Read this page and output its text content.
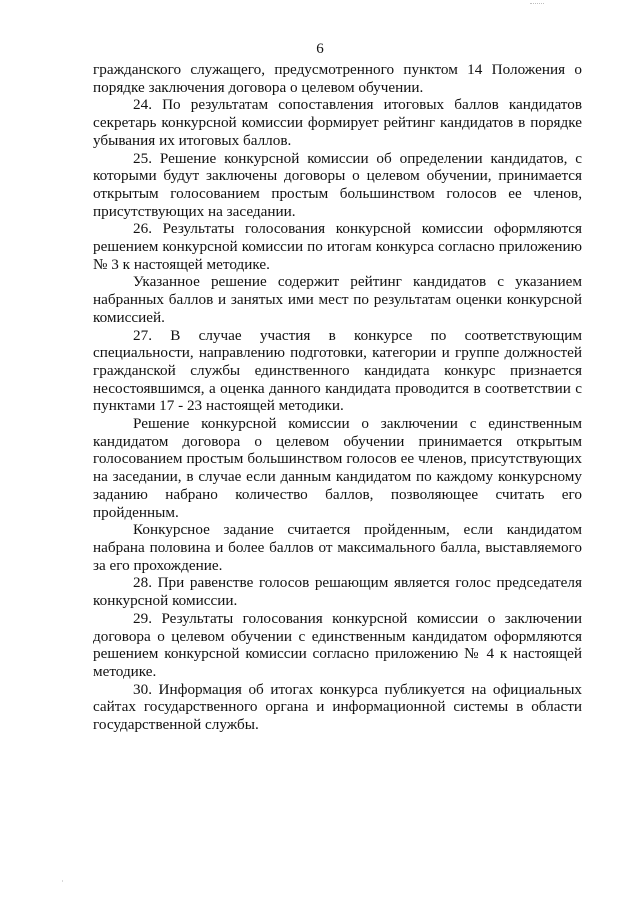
6

гражданского служащего, предусмотренного пунктом 14 Положения о порядке заключения договора о целевом обучении.

24. По результатам сопоставления итоговых баллов кандидатов секретарь конкурсной комиссии формирует рейтинг кандидатов в порядке убывания их итоговых баллов.

25. Решение конкурсной комиссии об определении кандидатов, с которыми будут заключены договоры о целевом обучении, принимается открытым голосованием простым большинством голосов ее членов, присутствующих на заседании.

26. Результаты голосования конкурсной комиссии оформляются решением конкурсной комиссии по итогам конкурса согласно приложению № 3 к настоящей методике.

Указанное решение содержит рейтинг кандидатов с указанием набранных баллов и занятых ими мест по результатам оценки конкурсной комиссией.

27. В случае участия в конкурсе по соответствующим специальности, направлению подготовки, категории и группе должностей гражданской службы единственного кандидата конкурс признается несостоявшимся, а оценка данного кандидата проводится в соответствии с пунктами 17 - 23 настоящей методики.

Решение конкурсной комиссии о заключении с единственным кандидатом договора о целевом обучении принимается открытым голосованием простым большинством голосов ее членов, присутствующих на заседании, в случае если данным кандидатом по каждому конкурсному заданию набрано количество баллов, позволяющее считать его пройденным.

Конкурсное задание считается пройденным, если кандидатом набрана половина и более баллов от максимального балла, выставляемого за его прохождение.

28. При равенстве голосов решающим является голос председателя конкурсной комиссии.

29. Результаты голосования конкурсной комиссии о заключении договора о целевом обучении с единственным кандидатом оформляются решением конкурсной комиссии согласно приложению № 4 к настоящей методике.

30. Информация об итогах конкурса публикуется на официальных сайтах государственного органа и информационной системы в области государственной службы.
